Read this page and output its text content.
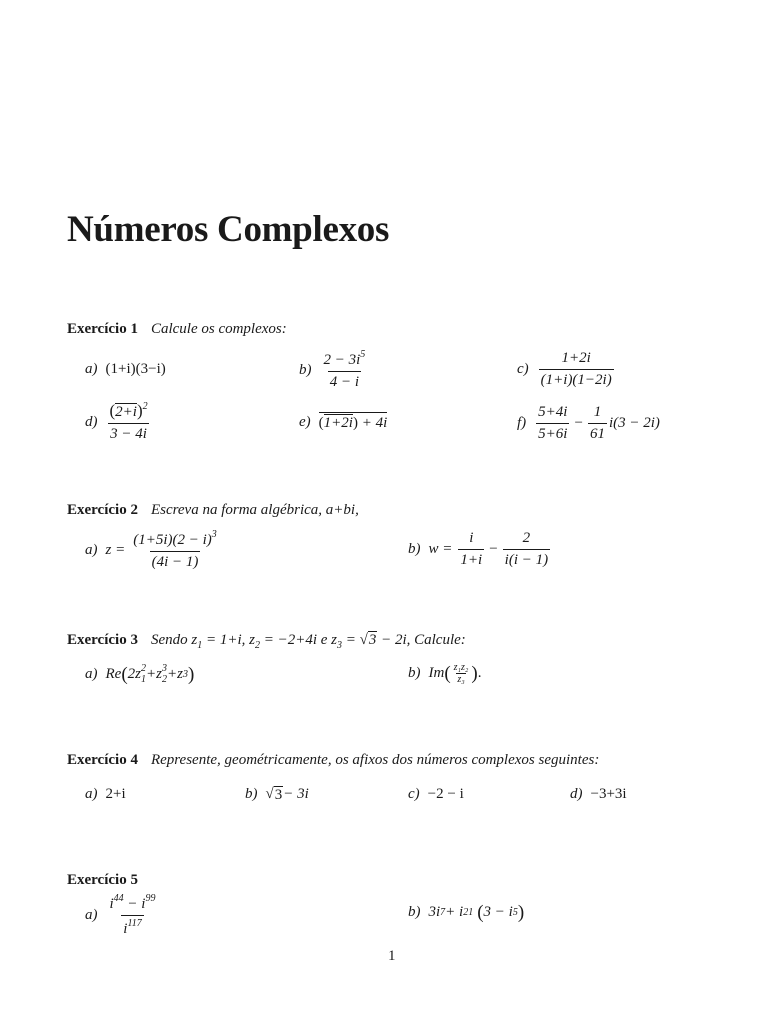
Números Complexos
Exercício 1 Calcule os complexos:
a) (1+i)(3−i)	$b) \frac{2 - 3i^5}{4 - i}$	$c) \frac{1+2i}{(1+i)(1-2i)}$
$d) \frac{(2+i)^2}{3 - 4i}$	e) (1+2i) + 4i	$f) \frac{5+4i}{5+6i} - \frac{1}{61} i(3 - 2i)$
Exercício 2 Escreva na forma algébrica, a+bi,
a) $z = \frac{(1+5i)(2 - i)^3}{(4i - 1)}$	b) $w = \frac{i}{1+i} - \frac{2}{i(i - 1)}$
Exercício 3 Sendo $z_1 = 1+i$, $z_2 = -2+4i$ e $z_3 = √3 - 2i$, Calcule:
a) Re ( 2z 2
1 +z 3
2 +z 3 )	b) Im ( $\frac{\text{z₁z₂}}{\text{z₃}}$ ) .
Exercício 4 Represente, geométricamente, os afixos dos números complexos seguintes:
a) 2+i	b) √ 3 − 3i	c) −2 − i	d) −3+3i
Exercício 5
$a) \frac{i^{44} - i^{99}}{i^{117}}$	b) 3i 7 + i 21 ( 3 − i 5 )
1
